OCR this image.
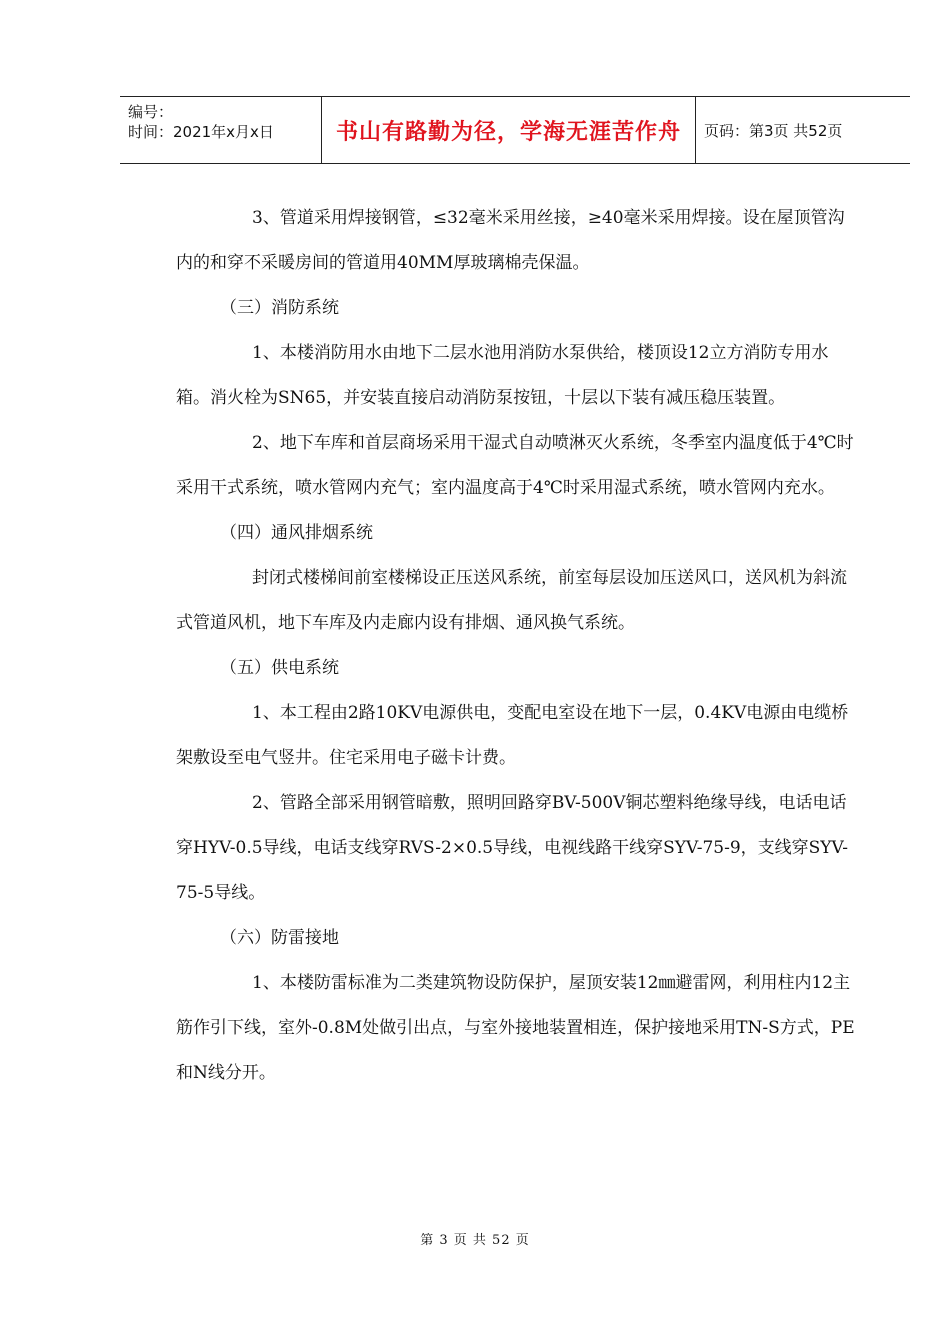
编号：
时间：2021年x月x日	书山有路勤为径，学海无涯苦作舟 页码：第3页 共52页

3、管道采用焊接钢管，≤32毫米采用丝接，≥40毫米采用焊接。设在屋顶管沟内的和穿不采暖房间的管道用40MM厚玻璃棉壳保温。

（三）消防系统

1、本楼消防用水由地下二层水池用消防水泵供给，楼顶设12立方消防专用水箱。消火栓为SN65，并安装直接启动消防泵按钮，十层以下装有减压稳压装置。

2、地下车库和首层商场采用干湿式自动喷淋灭火系统，冬季室内温度低于4℃时采用干式系统，喷水管网内充气；室内温度高于4℃时采用湿式系统，喷水管网内充水。

（四）通风排烟系统

封闭式楼梯间前室楼梯设正压送风系统，前室每层设加压送风口，送风机为斜流式管道风机，地下车库及内走廊内设有排烟、通风换气系统。

（五）供电系统

1、本工程由2路10KV电源供电，变配电室设在地下一层，0.4KV电源由电缆桥架敷设至电气竖井。住宅采用电子磁卡计费。

2、管路全部采用钢管暗敷，照明回路穿BV-500V铜芯塑料绝缘导线，电话电话穿HYV-0.5导线，电话支线穿RVS-2×0.5导线，电视线路干线穿SYV-75-9，支线穿SYV-75-5导线。

（六）防雷接地

1、本楼防雷标准为二类建筑物设防保护，屋顶安装12㎜避雷网，利用柱内12主筋作引下线，室外-0.8M处做引出点，与室外接地装置相连，保护接地采用TN-S方式，PE和N线分开。

第 3 页 共 52 页
